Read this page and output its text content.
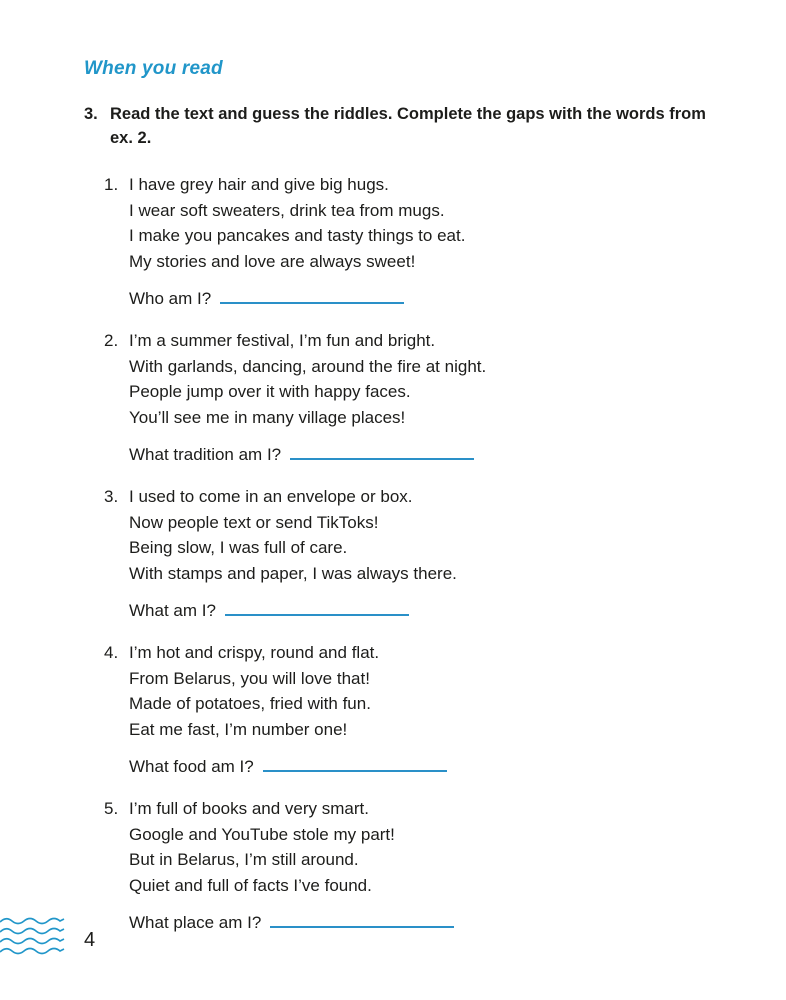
When you read
3. Read the text and guess the riddles. Complete the gaps with the words from ex. 2.
1. I have grey hair and give big hugs.
I wear soft sweaters, drink tea from mugs.
I make you pancakes and tasty things to eat.
My stories and love are always sweet!
Who am I?
2. I’m a summer festival, I’m fun and bright.
With garlands, dancing, around the fire at night.
People jump over it with happy faces.
You’ll see me in many village places!
What tradition am I?
3. I used to come in an envelope or box.
Now people text or send TikToks!
Being slow, I was full of care.
With stamps and paper, I was always there.
What am I?
4. I’m hot and crispy, round and flat.
From Belarus, you will love that!
Made of potatoes, fried with fun.
Eat me fast, I’m number one!
What food am I?
5. I’m full of books and very smart.
Google and YouTube stole my part!
But in Belarus, I’m still around.
Quiet and full of facts I’ve found.
What place am I?
4
